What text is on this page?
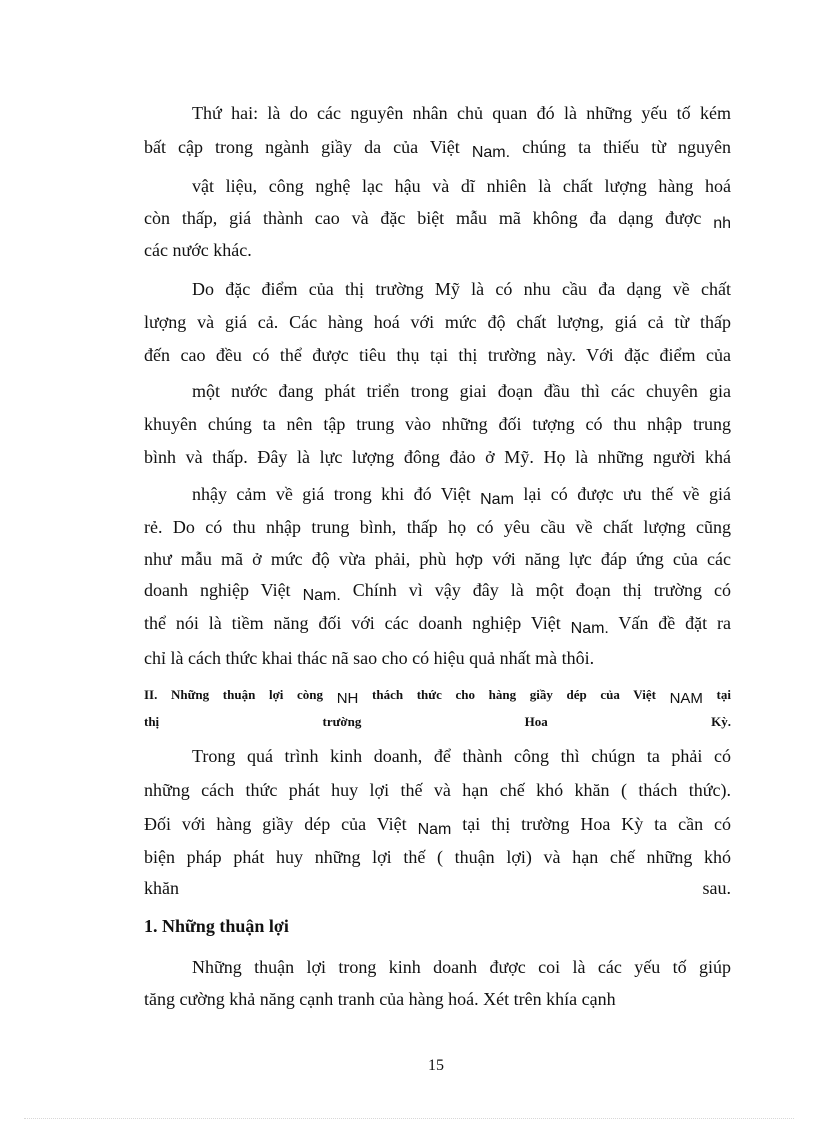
Thứ hai: là do các nguyên nhân chủ quan đó là những yếu tố kém
bất cập trong ngành giầy da của Việt Nam. chúng ta thiếu từ nguyên
vật liệu, công nghệ lạc hậu và dĩ nhiên là chất lượng hàng hoá
còn thấp, giá thành cao và đặc biệt mẫu mã không đa dạng được nh
các nước khác.
Do đặc điểm của thị trường Mỹ là có nhu cầu đa dạng về chất
lượng và giá cả. Các hàng hoá với mức độ chất lượng, giá cả từ thấp
đến cao đều có thể được tiêu thụ tại thị trường này. Với đặc điểm của
một nước đang phát triển trong giai đoạn đầu thì các chuyên gia
khuyên chúng ta nên tập trung vào những đối tượng có thu nhập trung
bình và thấp. Đây là lực lượng đông đảo ở Mỹ. Họ là những người khá
nhậy cảm về giá trong khi đó Việt Nam lại có được ưu thế về giá
rẻ. Do có thu nhập trung bình, thấp họ có yêu cầu về chất lượng cũng
như mẫu mã ở mức độ vừa phải, phù hợp với năng lực đáp ứng của các
doanh nghiệp Việt Nam. Chính vì vậy đây là một đoạn thị trường có
thể nói là tiềm năng đối với các doanh nghiệp Việt Nam. Vấn đề đặt ra
chỉ là cách thức khai thác nã sao cho có hiệu quả nhất mà thôi.
II. Những thuận lợi còng NH thách thức cho hàng giầy dép của Việt NAM tại
thị	trường	Hoa	Kỳ.
Trong quá trình kinh doanh, để thành công thì chúgn ta phải có
những cách thức phát huy lợi thế và hạn chế khó khăn ( thách thức).
Đối với hàng giầy dép của Việt Nam tại thị trường Hoa Kỳ ta cần có
biện pháp phát huy những lợi thế ( thuận lợi) và hạn chế những khó
khăn	sau.
1. Những thuận lợi
Những thuận lợi trong kinh doanh được coi là các yếu tố giúp
tăng cường khả năng cạnh tranh của hàng hoá. Xét trên khía cạnh
15
